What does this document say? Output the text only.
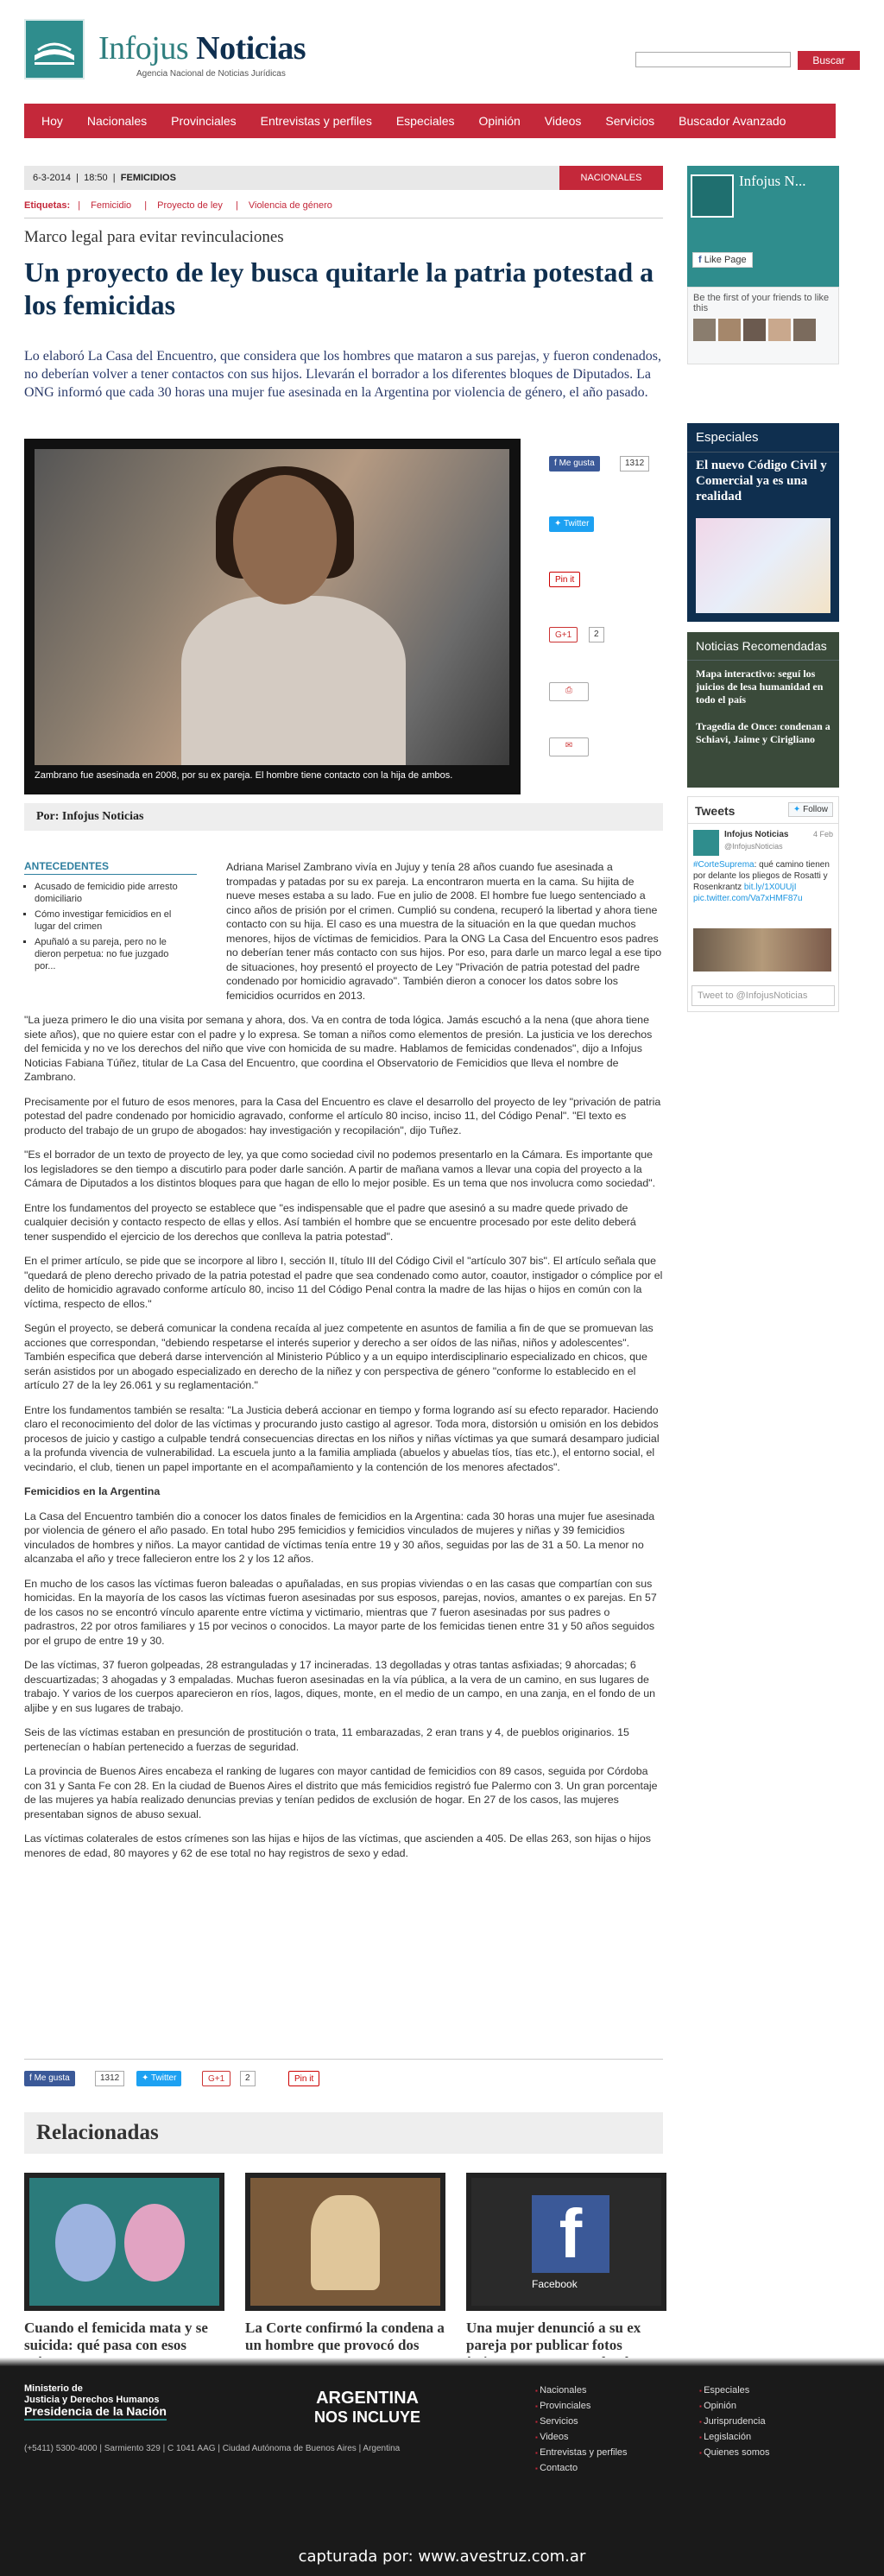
Infojus Noticias
Agencia Nacional de Noticias Jurídicas
Buscar
Hoy	Nacionales	Provinciales	Entrevistas y perfiles	Especiales	Opinión	Videos	Servicios	Buscador Avanzado
6-3-2014  |  18:50  |  FEMICIDIOS	NACIONALES
Etiquetas: | Femicidio | Proyecto de ley | Violencia de género
Marco legal para evitar revinculaciones
Un proyecto de ley busca quitarle la patria potestad a los femicidas

Lo elaboró La Casa del Encuentro, que considera que los hombres que mataron a sus parejas, y fueron condenados, no deberían volver a tener contactos con sus hijos. Llevarán el borrador a los diferentes bloques de Diputados. La ONG informó que cada 30 horas una mujer fue asesinada en la Argentina por violencia de género, el año pasado.

Zambrano fue asesinada en 2008, por su ex pareja. El hombre tiene contacto con la hija de ambos.
f Me gusta	1312
✦ Twitter
Pin it
G+1	2
⎙
✉
Por: Infojus Noticias
ANTECEDENTES
▪ Acusado de femicidio pide arresto domiciliario
▪ Cómo investigar femicidios en el lugar del crimen
▪ Apuñaló a su pareja, pero no le dieron perpetua: no fue juzgado por...

Adriana Marisel Zambrano vivía en Jujuy y tenía 28 años cuando fue asesinada a trompadas y patadas por su ex pareja. La encontraron muerta en la cama. Su hijita de nueve meses estaba a su lado. Fue en julio de 2008. El hombre fue luego sentenciado a cinco años de prisión por el crimen. Cumplió su condena, recuperó la libertad y ahora tiene contacto con su hija. El caso es una muestra de la situación en la que quedan muchos menores, hijos de víctimas de femicidios. Para la ONG La Casa del Encuentro esos padres no deberían tener más contacto con sus hijos. Por eso, para darle un marco legal a ese tipo de situaciones, hoy presentó el proyecto de Ley "Privación de patria potestad del padre condenado por homicidio agravado". También dieron a conocer los datos sobre los femicidios ocurridos en 2013.

"La jueza primero le dio una visita por semana y ahora, dos. Va en contra de toda lógica. Jamás escuchó a la nena (que ahora tiene siete años), que no quiere estar con el padre y lo expresa. Se toman a niños como elementos de presión. La justicia ve los derechos del femicida y no ve los derechos del niño que vive con homicida de su madre. Hablamos de femicidas condenados", dijo a Infojus Noticias Fabiana Túñez, titular de La Casa del Encuentro, que coordina el Observatorio de Femicidios que lleva el nombre de Zambrano.

Precisamente por el futuro de esos menores, para la Casa del Encuentro es clave el desarrollo del proyecto de ley "privación de patria potestad del padre condenado por homicidio agravado, conforme el artículo 80 inciso, inciso 11, del Código Penal". "El texto es producto del trabajo de un grupo de abogados: hay investigación y recopilación", dijo Tuñez.

"Es el borrador de un texto de proyecto de ley, ya que como sociedad civil no podemos presentarlo en la Cámara. Es importante que los legisladores se den tiempo a discutirlo para poder darle sanción. A partir de mañana vamos a llevar una copia del proyecto a la Cámara de Diputados a los distintos bloques para que hagan de ello lo mejor posible. Es un tema que nos involucra como sociedad".

Entre los fundamentos del proyecto se establece que "es indispensable que el padre que asesinó a su madre quede privado de cualquier decisión y contacto respecto de ellas y ellos. Así también el hombre que se encuentre procesado por este delito deberá tener suspendido el ejercicio de los derechos que conlleva la patria potestad".

En el primer artículo, se pide que se incorpore al libro I, sección II, título III del Código Civil el "artículo 307 bis". El artículo señala que "quedará de pleno derecho privado de la patria potestad el padre que sea condenado como autor, coautor, instigador o cómplice por el delito de homicidio agravado conforme artículo 80, inciso 11 del Código Penal contra la madre de las hijas o hijos en común con la víctima, respecto de ellos."

Según el proyecto, se deberá comunicar la condena recaída al juez competente en asuntos de familia a fin de que se promuevan las acciones que correspondan, "debiendo respetarse el interés superior y derecho a ser oídos de las niñas, niños y adolescentes". También especifica que deberá darse intervención al Ministerio Público y a un equipo interdisciplinario especializado en chicos, que serán asistidos por un abogado especializado en derecho de la niñez y con perspectiva de género "conforme lo establecido en el artículo 27 de la ley 26.061 y su reglamentación."

Entre los fundamentos también se resalta: "La Justicia deberá accionar en tiempo y forma logrando así su efecto reparador. Haciendo claro el reconocimiento del dolor de las víctimas y procurando justo castigo al agresor. Toda mora, distorsión u omisión en los debidos procesos de juicio y castigo a culpable tendrá consecuencias directas en los niños y niñas víctimas ya que sumará desamparo judicial a la profunda vivencia de vulnerabilidad. La escuela junto a la familia ampliada (abuelos y abuelas tíos, tías etc.), el entorno social, el vecindario, el club, tienen un papel importante en el acompañamiento y la contención de los menores afectados".

Femicidios en la Argentina

La Casa del Encuentro también dio a conocer los datos finales de femicidios en la Argentina: cada 30 horas una mujer fue asesinada por violencia de género el año pasado. En total hubo 295 femicidios y femicidios vinculados de mujeres y niñas y 39 femicidios vinculados de hombres y niños. La mayor cantidad de víctimas tenía entre 19 y 30 años, seguidas por las de 31 a 50. La menor no alcanzaba el año y trece fallecieron entre los 2 y los 12 años.

En mucho de los casos las víctimas fueron baleadas o apuñaladas, en sus propias viviendas o en las casas que compartían con sus homicidas. En la mayoría de los casos las víctimas fueron asesinadas por sus esposos, parejas, novios, amantes o ex parejas. En 57 de los casos no se encontró vínculo aparente entre víctima y victimario, mientras que 7 fueron asesinadas por sus padres o padrastros, 22 por otros familiares y 15 por vecinos o conocidos. La mayor parte de los femicidas tienen entre 31 y 50 años seguidos por el grupo de entre 19 y 30.

De las víctimas, 37 fueron golpeadas, 28 estranguladas y 17 incineradas. 13 degolladas y otras tantas asfixiadas; 9 ahorcadas; 6 descuartizadas; 3 ahogadas y 3 empaladas. Muchas fueron asesinadas en la vía pública, a la vera de un camino, en sus lugares de trabajo. Y varios de los cuerpos aparecieron en ríos, lagos, diques, monte, en el medio de un campo, en una zanja, en el fondo de un aljibe y en sus lugares de trabajo.

Seis de las víctimas estaban en presunción de prostitución o trata, 11 embarazadas, 2 eran trans y 4, de pueblos originarios. 15 pertenecían o habían pertenecido a fuerzas de seguridad.

La provincia de Buenos Aires encabeza el ranking de lugares con mayor cantidad de femicidios con 89 casos, seguida por Córdoba con 31 y Santa Fe con 28. En la ciudad de Buenos Aires el distrito que más femicidios registró fue Palermo con 3. Un gran porcentaje de las mujeres ya había realizado denuncias previas y tenían pedidos de exclusión de hogar. En 27 de los casos, las mujeres presentaban signos de abuso sexual.

Las víctimas colaterales de estos crímenes son las hijas e hijos de las víctimas, que ascienden a 405. De ellas 263, son hijas o hijos menores de edad, 80 mayores y 62 de ese total no hay registros de sexo y edad.

f Me gusta	1312	✦ Twitter	G+1	2	Pin it
Relacionadas
Cuando el femicida mata y se suicida: qué pasa con esos
La Corte confirmó la condena a un hombre que provocó dos
f
Facebook
Una mujer denunció a su ex pareja por publicar fotos
Infojus N...
f Like Page
Be the first of your friends to like this
Especiales
El nuevo Código Civil y Comercial ya es una realidad
Noticias Recomendadas
Mapa interactivo: seguí los juicios de lesa humanidad en todo el país
Tragedia de Once: condenan a Schiavi, Jaime y Cirigliano
Tweets	✦ Follow
Infojus Noticias	4 Feb
@InfojusNoticias
#CorteSuprema: qué camino tienen por delante los pliegos de Rosatti y Rosenkrantz bit.ly/1X0UUjI pic.twitter.com/Va7xHMF87u
Tweet to @InfojusNoticias
Ministerio de
Justicia y Derechos Humanos
Presidencia de la Nación
ARGENTINA
NOS INCLUYE
(+5411) 5300-4000 | Sarmiento 329 | C 1041 AAG | Ciudad Autónoma de Buenos Aires | Argentina
▪ Nacionales
▪ Provinciales
▪ Servicios
▪ Videos
▪ Entrevistas y perfiles
▪ Contacto
▪ Especiales
▪ Opinión
▪ Jurisprudencia
▪ Legislación
▪ Quienes somos
capturada por: www.avestruz.com.ar
